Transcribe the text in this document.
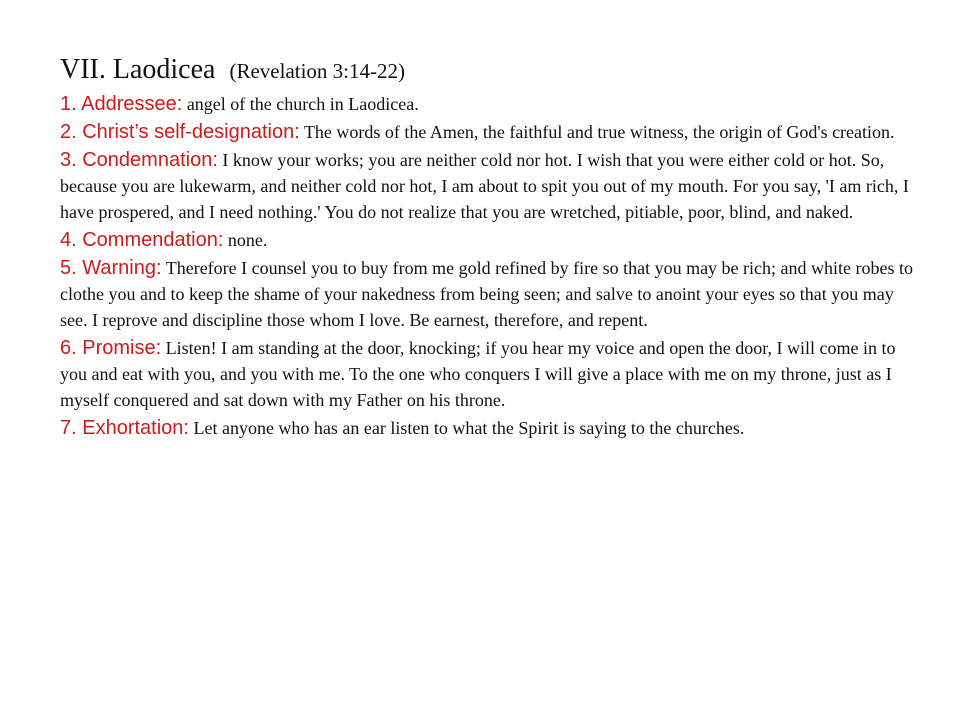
VII. Laodicea (Revelation 3:14-22)

1. Addressee: angel of the church in Laodicea.

2. Christ’s self-designation: The words of the Amen, the faithful and true witness, the origin of God's creation.

3. Condemnation: I know your works; you are neither cold nor hot. I wish that you were either cold or hot. So, because you are lukewarm, and neither cold nor hot, I am about to spit you out of my mouth. For you say, 'I am rich, I have prospered, and I need nothing.' You do not realize that you are wretched, pitiable, poor, blind, and naked.

4. Commendation: none.

5. Warning: Therefore I counsel you to buy from me gold refined by fire so that you may be rich; and white robes to clothe you and to keep the shame of your nakedness from being seen; and salve to anoint your eyes so that you may see. I reprove and discipline those whom I love. Be earnest, therefore, and repent.

6. Promise: Listen! I am standing at the door, knocking; if you hear my voice and open the door, I will come in to you and eat with you, and you with me. To the one who conquers I will give a place with me on my throne, just as I myself conquered and sat down with my Father on his throne.

7. Exhortation: Let anyone who has an ear listen to what the Spirit is saying to the churches.
